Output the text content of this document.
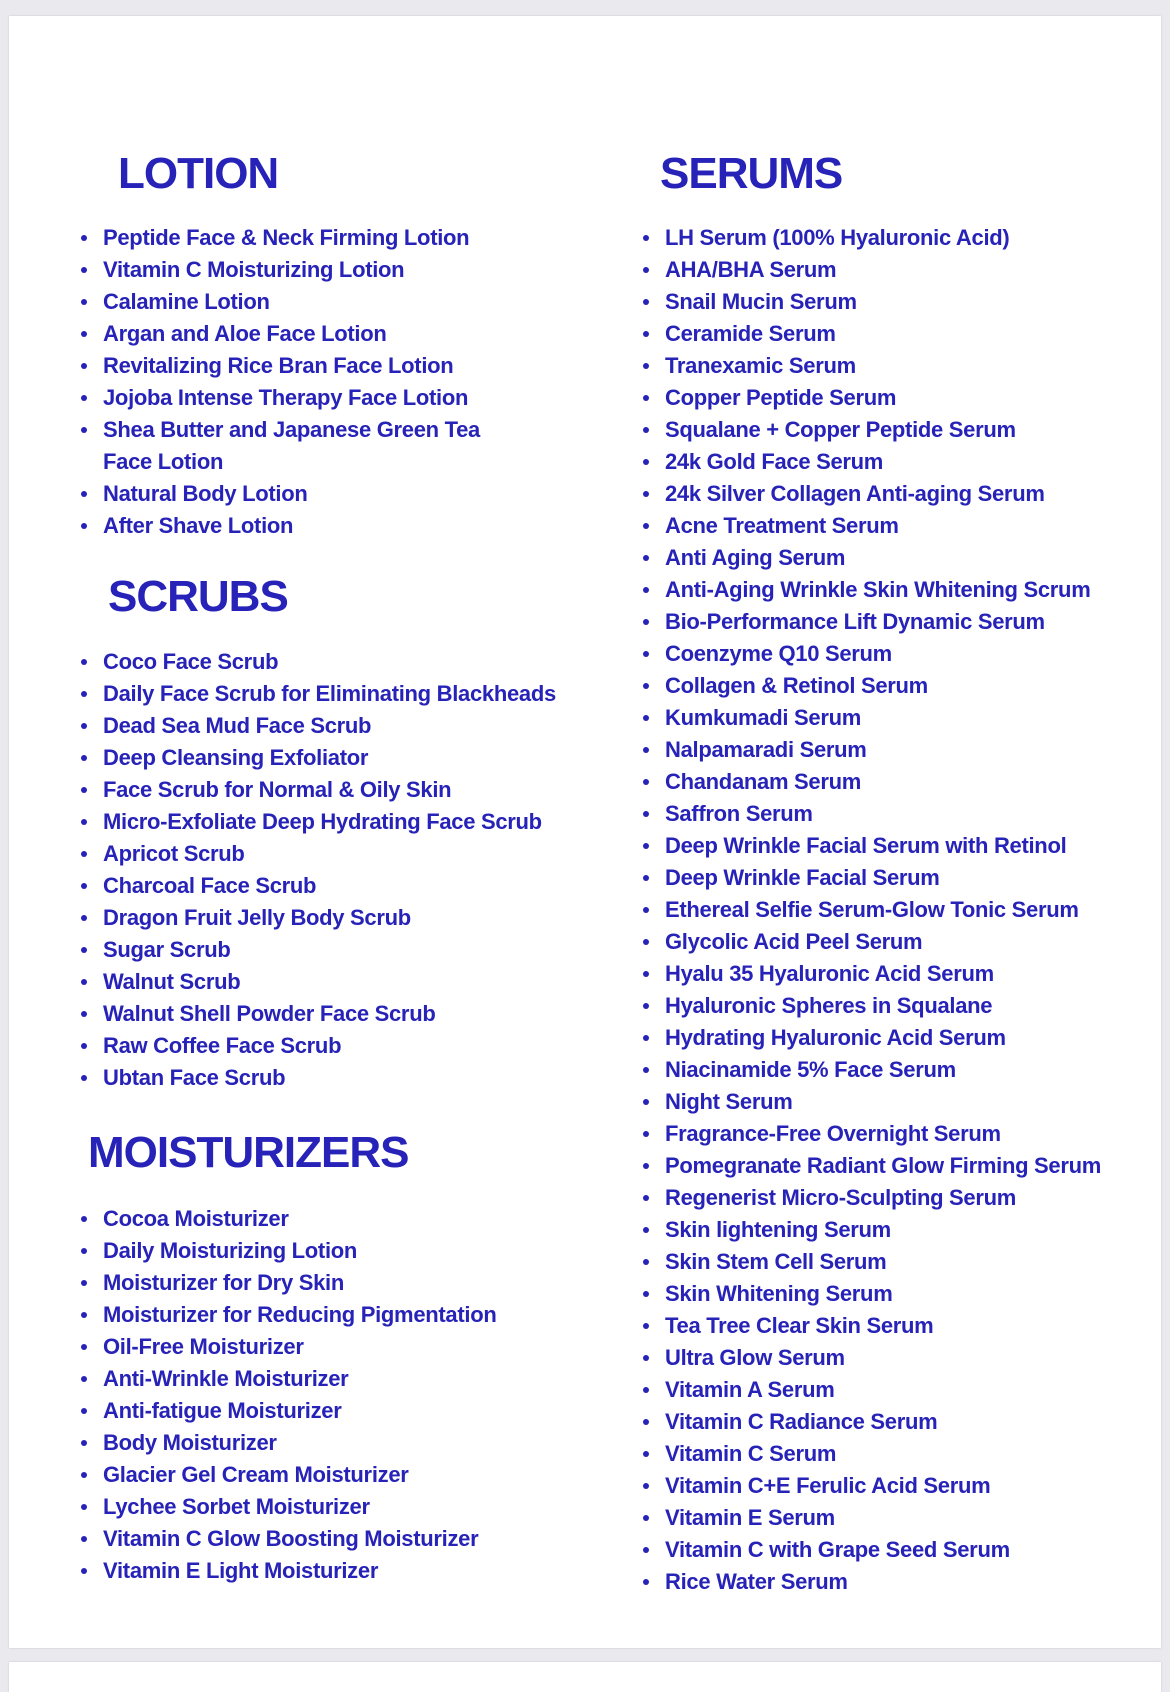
LOTION
Peptide Face & Neck Firming Lotion
Vitamin C Moisturizing Lotion
Calamine Lotion
Argan and Aloe Face Lotion
Revitalizing Rice Bran Face Lotion
Jojoba Intense Therapy Face Lotion
Shea Butter and Japanese Green Tea Face Lotion
Natural Body Lotion
After Shave Lotion
SCRUBS
Coco Face Scrub
Daily Face Scrub for Eliminating Blackheads
Dead Sea Mud Face Scrub
Deep Cleansing Exfoliator
Face Scrub for Normal & Oily Skin
Micro-Exfoliate Deep Hydrating Face Scrub
Apricot Scrub
Charcoal Face Scrub
Dragon Fruit Jelly Body Scrub
Sugar Scrub
Walnut Scrub
Walnut Shell Powder Face Scrub
Raw Coffee Face Scrub
Ubtan Face Scrub
MOISTURIZERS
Cocoa Moisturizer
Daily Moisturizing Lotion
Moisturizer for Dry Skin
Moisturizer for Reducing Pigmentation
Oil-Free Moisturizer
Anti-Wrinkle Moisturizer
Anti-fatigue Moisturizer
Body Moisturizer
Glacier Gel Cream Moisturizer
Lychee Sorbet Moisturizer
Vitamin C Glow Boosting Moisturizer
Vitamin E Light Moisturizer
SERUMS
LH Serum (100% Hyaluronic Acid)
AHA/BHA Serum
Snail Mucin Serum
Ceramide Serum
Tranexamic Serum
Copper Peptide Serum
Squalane + Copper Peptide Serum
24k Gold Face Serum
24k Silver Collagen Anti-aging Serum
Acne Treatment Serum
Anti Aging Serum
Anti-Aging Wrinkle Skin Whitening Scrum
Bio-Performance Lift Dynamic Serum
Coenzyme Q10 Serum
Collagen & Retinol Serum
Kumkumadi Serum
Nalpamaradi Serum
Chandanam Serum
Saffron Serum
Deep Wrinkle Facial Serum with Retinol
Deep Wrinkle Facial Serum
Ethereal Selfie Serum-Glow Tonic Serum
Glycolic Acid Peel Serum
Hyalu 35 Hyaluronic Acid Serum
Hyaluronic Spheres in Squalane
Hydrating Hyaluronic Acid Serum
Niacinamide 5% Face Serum
Night Serum
Fragrance-Free Overnight Serum
Pomegranate Radiant Glow Firming Serum
Regenerist Micro-Sculpting Serum
Skin lightening Serum
Skin Stem Cell Serum
Skin Whitening Serum
Tea Tree Clear Skin Serum
Ultra Glow Serum
Vitamin A Serum
Vitamin C Radiance Serum
Vitamin C Serum
Vitamin C+E Ferulic Acid Serum
Vitamin E Serum
Vitamin C with Grape Seed Serum
Rice Water Serum
